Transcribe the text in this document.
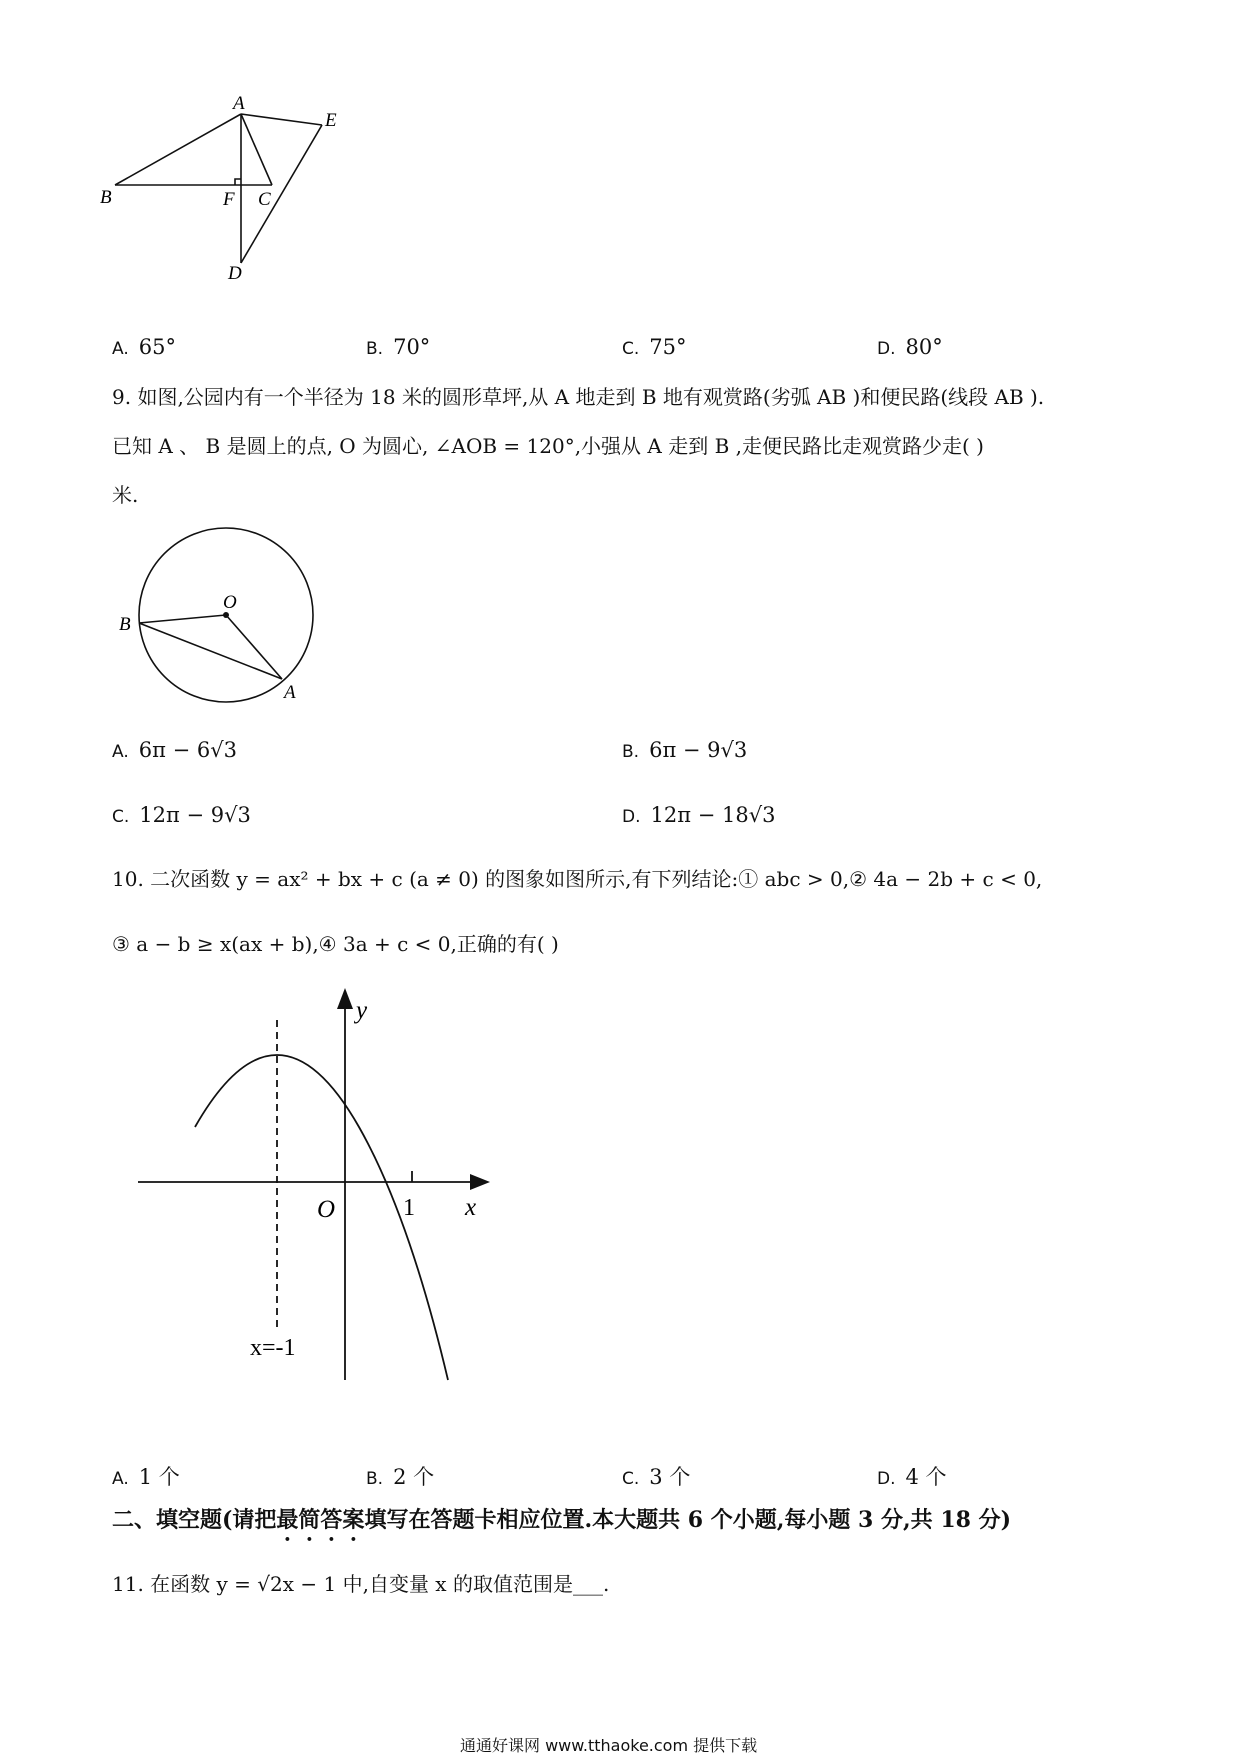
A
E
B	F C
D
A. 65°	B. 70°	C. 75°	D. 80°
9. 如图,公园内有一个半径为 18 米的圆形草坪,从 A 地走到 B 地有观赏路(劣弧 AB )和便民路(线段 AB ).
已知 A 、 B 是圆上的点, O 为圆心, ∠AOB = 120°,小强从 A 走到 B ,走便民路比走观赏路少走( )
米.
O
B
A
A. 6π − 6√3	B. 6π − 9√3
C. 12π − 9√3	D. 12π − 18√3
10. 二次函数 y = ax² + bx + c (a ≠ 0) 的图象如图所示,有下列结论:① abc > 0,② 4a − 2b + c < 0,
③ a − b ≥ x(ax + b),④ 3a + c < 0,正确的有( )
y
x
O	1
x=-1
A. 1 个	B. 2 个	C. 3 个	D. 4 个
二、填空题(请把最简答案填写在答题卡相应位置.本大题共 6 个小题,每小题 3 分,共 18 分)
11. 在函数 y = √2x − 1 中,自变量 x 的取值范围是___.
通通好课网 www.tthaoke.com 提供下载
